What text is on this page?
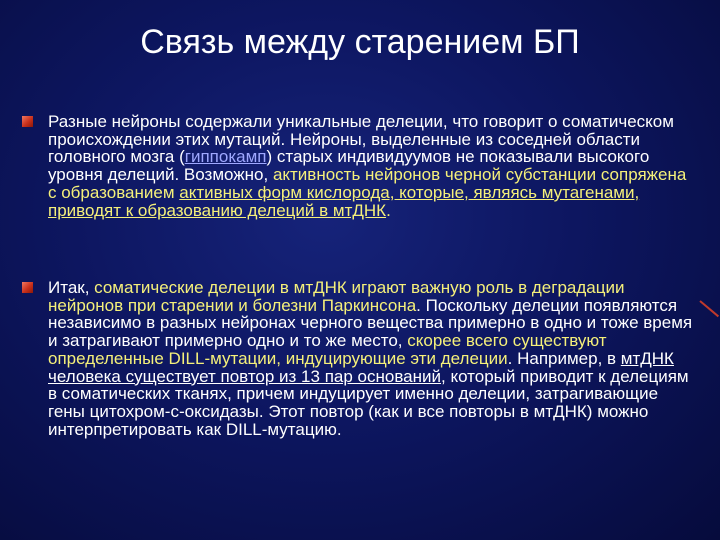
Связь между старением БП
Разные нейроны содержали уникальные делеции, что говорит о соматическом происхождении этих мутаций. Нейроны, выделенные из соседней области головного мозга (гиппокамп) старых индивидуумов не показывали высокого уровня делеций. Возможно, активность нейронов черной субстанции сопряжена с образованием активных форм кислорода, которые, являясь мутагенами, приводят к образованию делеций в мтДНК.
Итак, соматические делеции в мтДНК играют важную роль в деградации нейронов при старении и болезни Паркинсона. Поскольку делеции появляются независимо в разных нейронах черного вещества примерно в одно и тоже время и затрагивают примерно одно и то же место, скорее всего существуют определенные DILL-мутации, индуцирующие эти делеции. Например, в мтДНК человека существует повтор из 13 пар оснований, который приводит к делециям в соматических тканях, причем индуцирует именно делеции, затрагивающие гены цитохром-с-оксидазы. Этот повтор (как и все повторы в мтДНК) можно интерпретировать как DILL-мутацию.
